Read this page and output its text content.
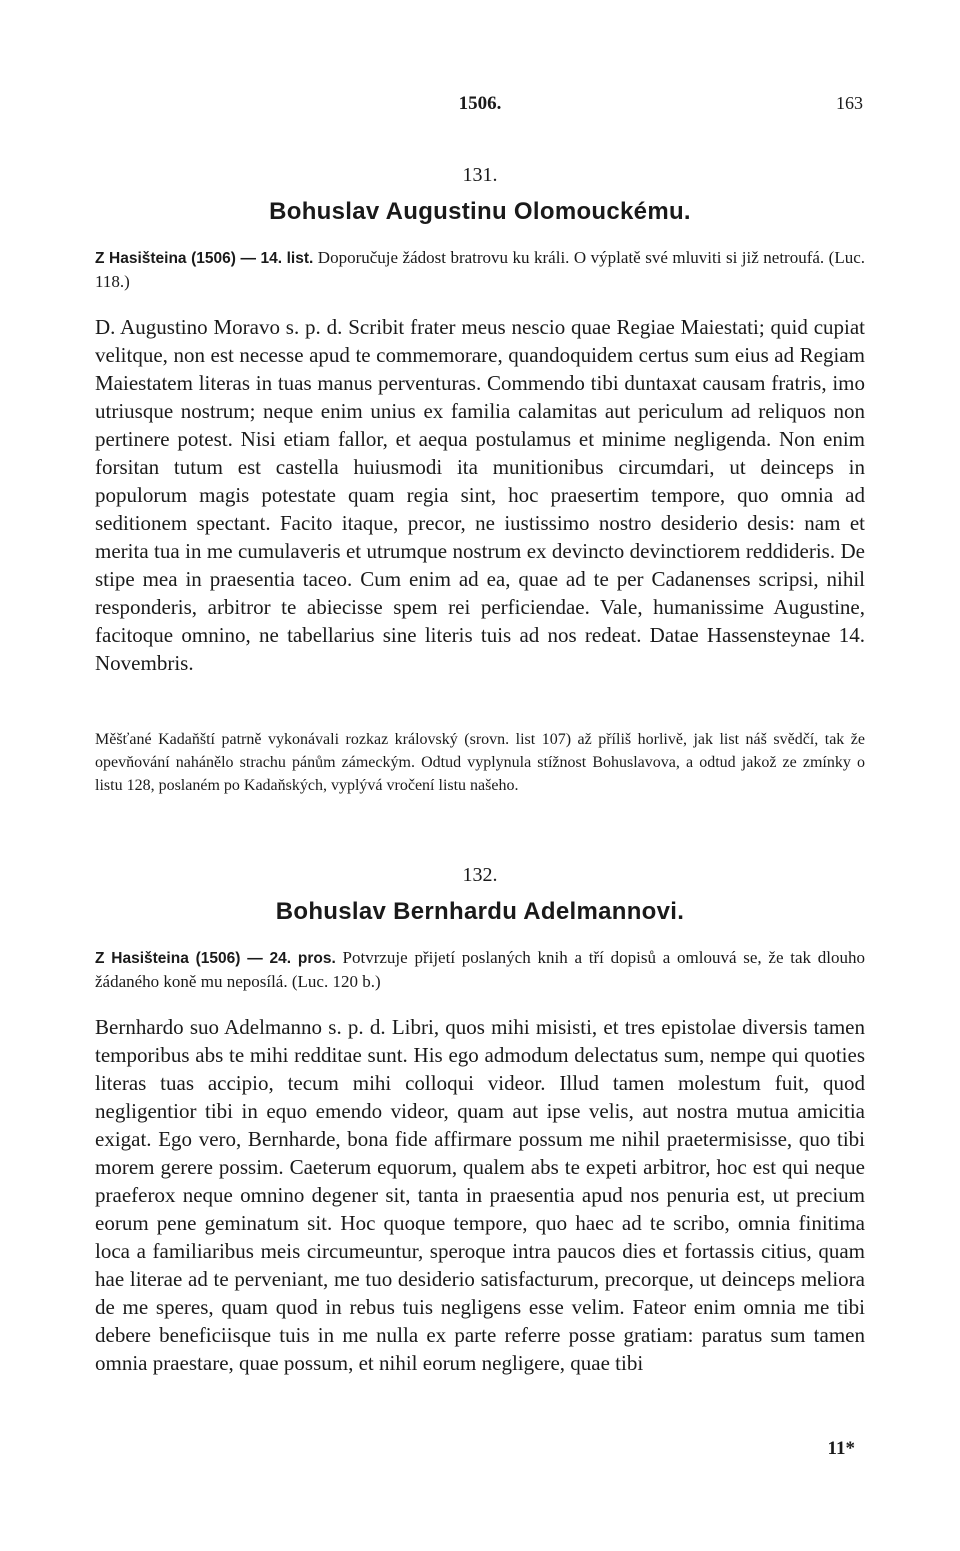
1506.	163
131.
Bohuslav Augustinu Olomouckému.

Z Hasišteina (1506) — 14. list. Doporučuje žádost bratrovu ku králi. O výplatě své mluviti si již netroufá. (Luc. 118.)

D. Augustino Moravo s. p. d. Scribit frater meus nescio quae Regiae Maiestati; quid cupiat velitque, non est necesse apud te commemorare, quandoquidem certus sum eius ad Regiam Maiestatem literas in tuas manus perventuras. Commendo tibi duntaxat causam fratris, imo utriusque nostrum; neque enim unius ex familia calamitas aut periculum ad reliquos non pertinere potest. Nisi etiam fallor, et aequa postulamus et minime negligenda. Non enim forsitan tutum est castella huiusmodi ita munitionibus circumdari, ut deinceps in populorum magis potestate quam regia sint, hoc praesertim tempore, quo omnia ad seditionem spectant. Facito itaque, precor, ne iustissimo nostro desiderio desis: nam et merita tua in me cumulaveris et utrumque nostrum ex devincto devinctiorem reddideris. De stipe mea in praesentia taceo. Cum enim ad ea, quae ad te per Cadanenses scripsi, nihil responderis, arbitror te abiecisse spem rei perficiendae. Vale, humanissime Augustine, facitoque omnino, ne tabellarius sine literis tuis ad nos redeat. Datae Hassensteynae 14. Novembris.

Měšťané Kadaňští patrně vykonávali rozkaz královský (srovn. list 107) až příliš horlivě, jak list náš svědčí, tak že opevňování nahánělo strachu pánům zámeckým. Odtud vyplynula stížnost Bohuslavova, a odtud jakož ze zmínky o listu 128, poslaném po Kadaňských, vyplývá vročení listu našeho.

132.
Bohuslav Bernhardu Adelmannovi.

Z Hasišteina (1506) — 24. pros. Potvrzuje přijetí poslaných knih a tří dopisů a omlouvá se, že tak dlouho žádaného koně mu neposílá. (Luc. 120 b.)

Bernhardo suo Adelmanno s. p. d. Libri, quos mihi misisti, et tres epistolae diversis tamen temporibus abs te mihi redditae sunt. His ego admodum delectatus sum, nempe qui quoties literas tuas accipio, tecum mihi colloqui videor. Illud tamen molestum fuit, quod negligentior tibi in equo emendo videor, quam aut ipse velis, aut nostra mutua amicitia exigat. Ego vero, Bernharde, bona fide affirmare possum me nihil praetermisisse, quo tibi morem gerere possim. Caeterum equorum, qualem abs te expeti arbitror, hoc est qui neque praeferox neque omnino degener sit, tanta in praesentia apud nos penuria est, ut precium eorum pene geminatum sit. Hoc quoque tempore, quo haec ad te scribo, omnia finitima loca a familiaribus meis circumeuntur, speroque intra paucos dies et fortassis citius, quam hae literae ad te perveniant, me tuo desiderio satisfacturum, precorque, ut deinceps meliora de me speres, quam quod in rebus tuis negligens esse velim. Fateor enim omnia me tibi debere beneficiisque tuis in me nulla ex parte referre posse gratiam: paratus sum tamen omnia praestare, quae possum, et nihil eorum negligere, quae tibi

11*
